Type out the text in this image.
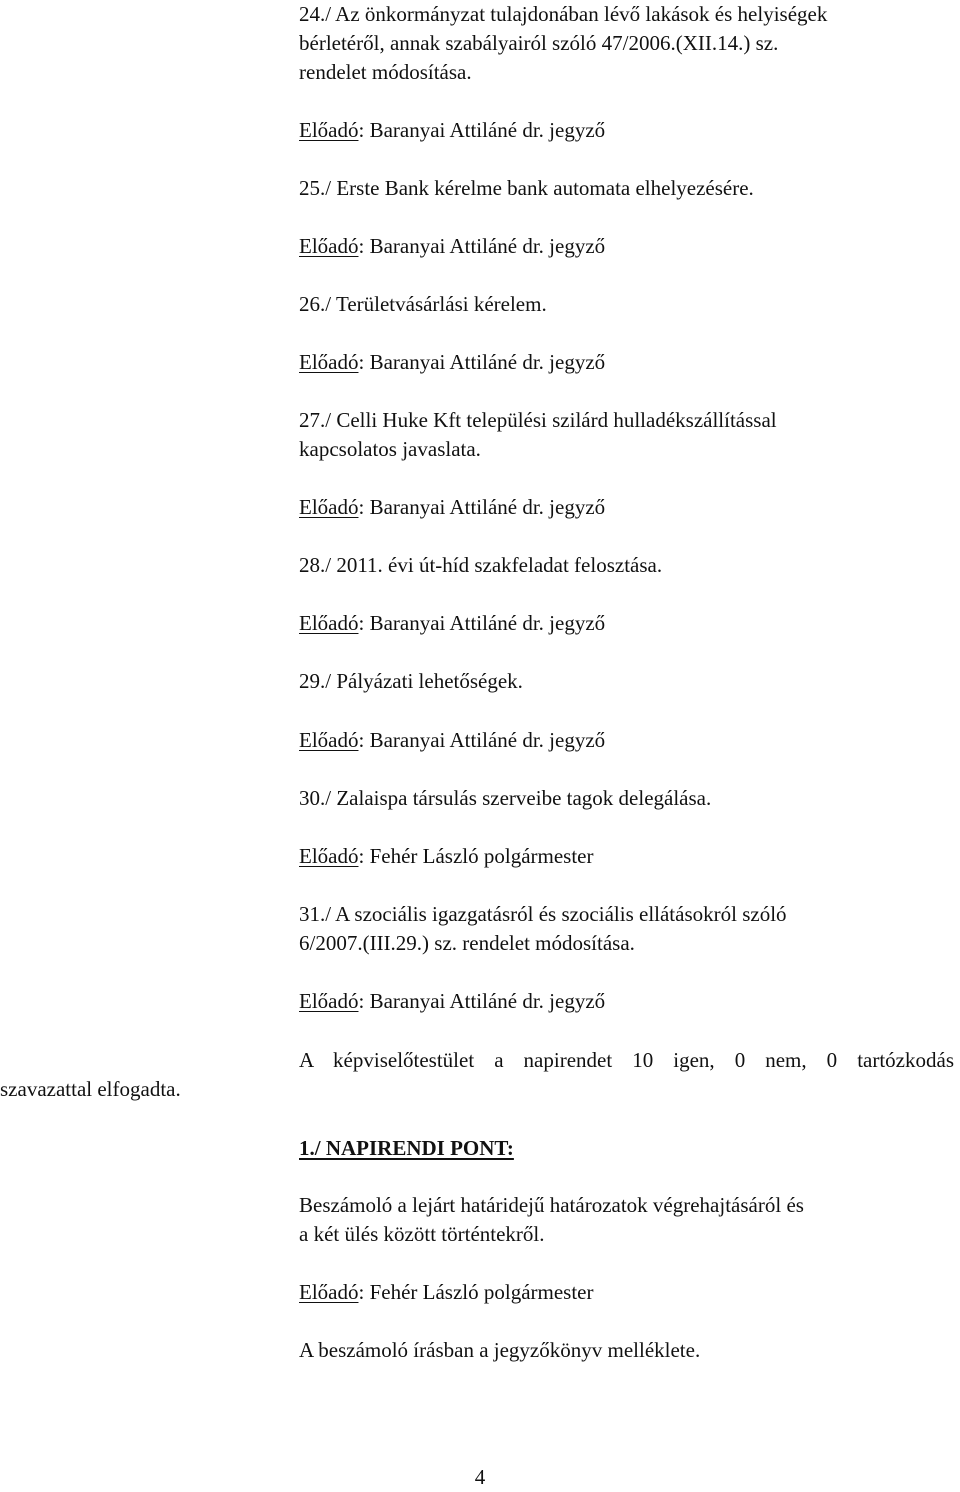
24./ Az önkormányzat tulajdonában lévő lakások és helyiségek
bérletéről, annak szabályairól szóló 47/2006.(XII.14.) sz.
rendelet módosítása.
Előadó: Baranyai Attiláné dr. jegyző
25./ Erste Bank kérelme bank automata elhelyezésére.
Előadó: Baranyai Attiláné dr. jegyző
26./ Területvásárlási kérelem.
Előadó: Baranyai Attiláné dr. jegyző
27./ Celli Huke Kft települési szilárd hulladékszállítással
kapcsolatos javaslata.
Előadó: Baranyai Attiláné dr. jegyző
28./ 2011. évi út-híd szakfeladat felosztása.
Előadó: Baranyai Attiláné dr. jegyző
29./ Pályázati lehetőségek.
Előadó: Baranyai Attiláné dr. jegyző
30./ Zalaispa társulás szerveibe tagok delegálása.
Előadó: Fehér László polgármester
31./ A szociális igazgatásról és szociális ellátásokról szóló
6/2007.(III.29.) sz. rendelet módosítása.
Előadó: Baranyai Attiláné dr. jegyző
A képviselőtestület a napirendet 10 igen, 0 nem, 0 tartózkodás
szavazattal elfogadta.
1./ NAPIRENDI PONT:
Beszámoló a lejárt határidejű határozatok végrehajtásáról és
a két ülés között történtekről.
Előadó: Fehér László polgármester
A beszámoló írásban a jegyzőkönyv melléklete.
4
